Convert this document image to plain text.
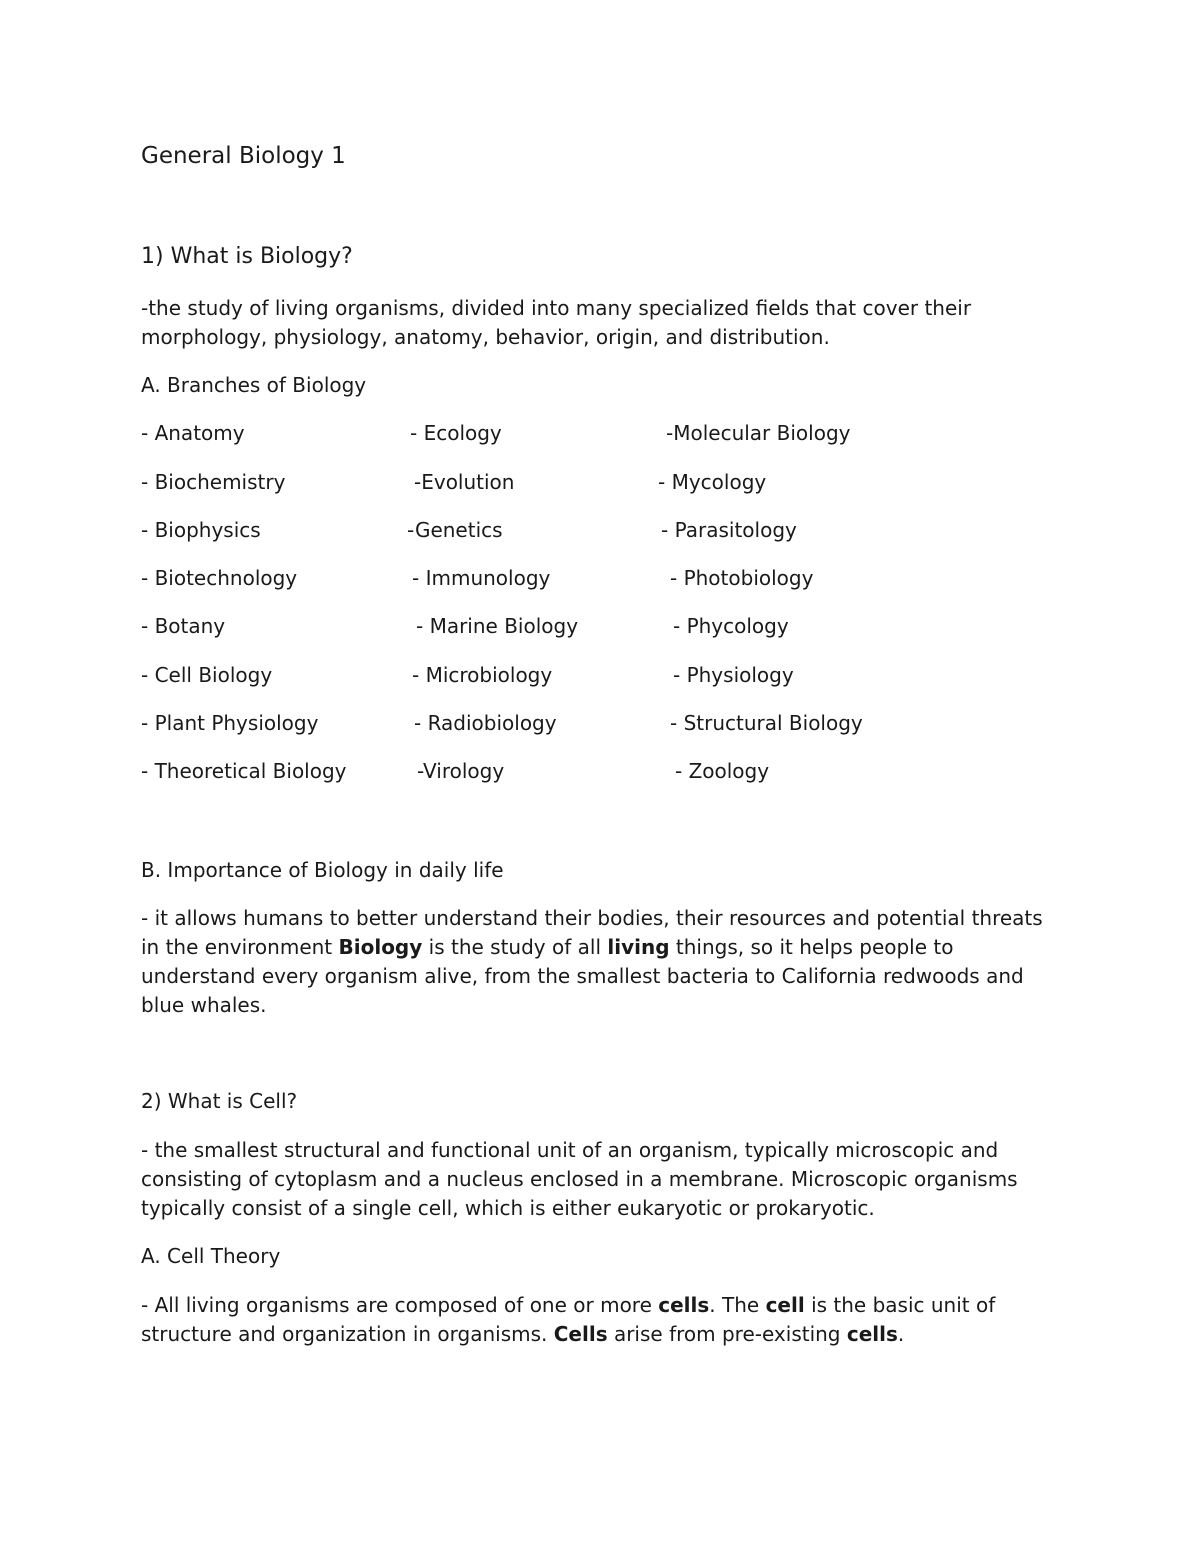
General Biology 1

1) What is Biology?

-the study of living organisms, divided into many specialized fields that cover their morphology, physiology, anatomy, behavior, origin, and distribution.

A. Branches of Biology

- Anatomy	- Ecology	-Molecular Biology
- Biochemistry	-Evolution	- Mycology
- Biophysics	-Genetics	- Parasitology
- Biotechnology	- Immunology	- Photobiology
- Botany	- Marine Biology	- Phycology
- Cell Biology	- Microbiology	- Physiology
- Plant Physiology	- Radiobiology	- Structural Biology
- Theoretical Biology	-Virology	- Zoology

B. Importance of Biology in daily life

- it allows humans to better understand their bodies, their resources and potential threats in the environment Biology is the study of all living things, so it helps people to understand every organism alive, from the smallest bacteria to California redwoods and blue whales.

2) What is Cell?

- the smallest structural and functional unit of an organism, typically microscopic and consisting of cytoplasm and a nucleus enclosed in a membrane. Microscopic organisms typically consist of a single cell, which is either eukaryotic or prokaryotic.

A. Cell Theory

- All living organisms are composed of one or more cells. The cell is the basic unit of structure and organization in organisms. Cells arise from pre-existing cells.
